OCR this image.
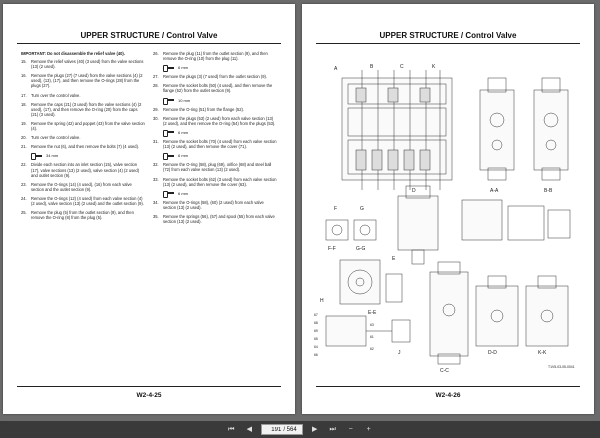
UPPER STRUCTURE / Control Valve
IMPORTANT: Do not disassemble the relief valve (40).
15.	Remove the relief valves (40) (3 used) from the valve sections (13) (2 used).
16.	Remove the plugs (27) (7 used) from the valve sections (4) (2 used), (13), (17), and then remove the O-rings (28) from the plugs (27).
17.	Turn over the control valve.
18.	Remove the caps (21) (3 used) from the valve sections (4) (2 used), (17), and then remove the O-ring (20) from the caps (21) (3 used).
19.	Remove the spring (42) and poppet (43) from the valve section (4).
20.	Turn over the control valve.
21.	Remove the nut (6), and then remove the bolts (7) (4 used).
34 mm
22.	Divide each section into an inlet section (15), valve section (17), valve sections (13) (2 used), valve section (4) (2 used) and outlet section (9).
23.	Remove the O-rings (14) (4 used), (16) from each valve section and the outlet section (9).
24.	Remove the O-rings (12) (4 used) from each valve section (4) (2 used), valve section (13) (2 used) and the outlet section (9).
25.	Remove the plug (5) from the outlet section (9), and then remove the O-ring (8) from the plug (5).
26.	Remove the plug (11) from the outlet section (9), and then remove the O-ring (10) from the plug (11).
6 mm
27.	Remove the plugs (3) (7 used) from the outlet section (9).
28.	Remove the socket bolts (50) (4 used), and then remove the flange (52) from the outlet section (9).
10 mm
29.	Remove the O-ring (51) from the flange (52).
30.	Remove the plugs (53) (2 used) from each valve section (13) (2 used), and then remove the O-ring (54) from the plugs (53).
6 mm
31.	Remove the socket bolts (70) (4 used) from each valve section (13) (2 used), and then remove the cover (71).
6 mm
32.	Remove the O-ring (58), plug (69), orifice (68) and steel ball (72) from each valve section (13) (2 used).
33.	Remove the socket bolts (62) (3 used) from each valve section (13) (2 used), and then remove the cover (63).
6 mm
34.	Remove the O-rings (58), (60) (2 used) from each valve section (13) (2 used).
35.	Remove the springs (56), (57) and spool (55) from each valve section (13) (2 used).
W2-4-25
UPPER STRUCTURE / Control Valve
A	B	C	K
D	A-A	B-B
F-F	G-G
E-E
C-C
D-D	K-K
H
J
E
F	G
67
68
69
65
64
66
63
61
62
T1V5-03-05-0041
W2-4-26
⏮	◀
191	/ 564	▶	⏭	−	+
